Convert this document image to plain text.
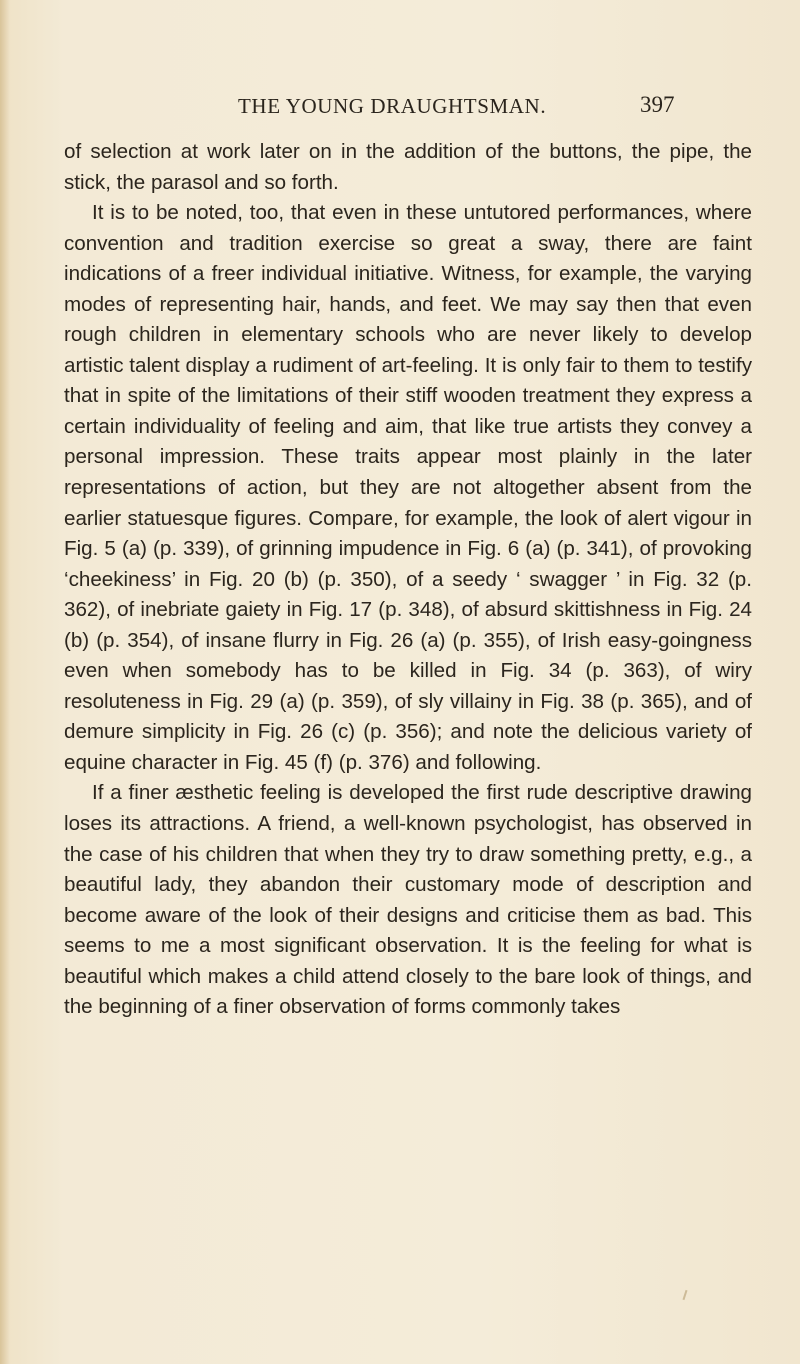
THE YOUNG DRAUGHTSMAN.	397

of selection at work later on in the addition of the buttons, the pipe, the stick, the parasol and so forth.

It is to be noted, too, that even in these untutored performances, where convention and tradition exercise so great a sway, there are faint indications of a freer individual initiative. Witness, for example, the varying modes of representing hair, hands, and feet. We may say then that even rough children in elementary schools who are never likely to develop artistic talent display a rudiment of art-feeling. It is only fair to them to testify that in spite of the limitations of their stiff wooden treatment they express a certain individuality of feeling and aim, that like true artists they convey a personal impression. These traits appear most plainly in the later representations of action, but they are not altogether absent from the earlier statuesque figures. Compare, for example, the look of alert vigour in Fig. 5 (a) (p. 339), of grinning impudence in Fig. 6 (a) (p. 341), of provoking ‘cheekiness’ in Fig. 20 (b) (p. 350), of a seedy ‘ swagger ’ in Fig. 32 (p. 362), of inebriate gaiety in Fig. 17 (p. 348), of absurd skittishness in Fig. 24 (b) (p. 354), of insane flurry in Fig. 26 (a) (p. 355), of Irish easy-goingness even when somebody has to be killed in Fig. 34 (p. 363), of wiry resoluteness in Fig. 29 (a) (p. 359), of sly villainy in Fig. 38 (p. 365), and of demure simplicity in Fig. 26 (c) (p. 356); and note the delicious variety of equine character in Fig. 45 (f) (p. 376) and following.

If a finer æsthetic feeling is developed the first rude descriptive drawing loses its attractions. A friend, a well-known psychologist, has observed in the case of his children that when they try to draw something pretty, e.g., a beautiful lady, they abandon their customary mode of description and become aware of the look of their designs and criticise them as bad. This seems to me a most significant observation. It is the feeling for what is beautiful which makes a child attend closely to the bare look of things, and the beginning of a finer observation of forms commonly takes
